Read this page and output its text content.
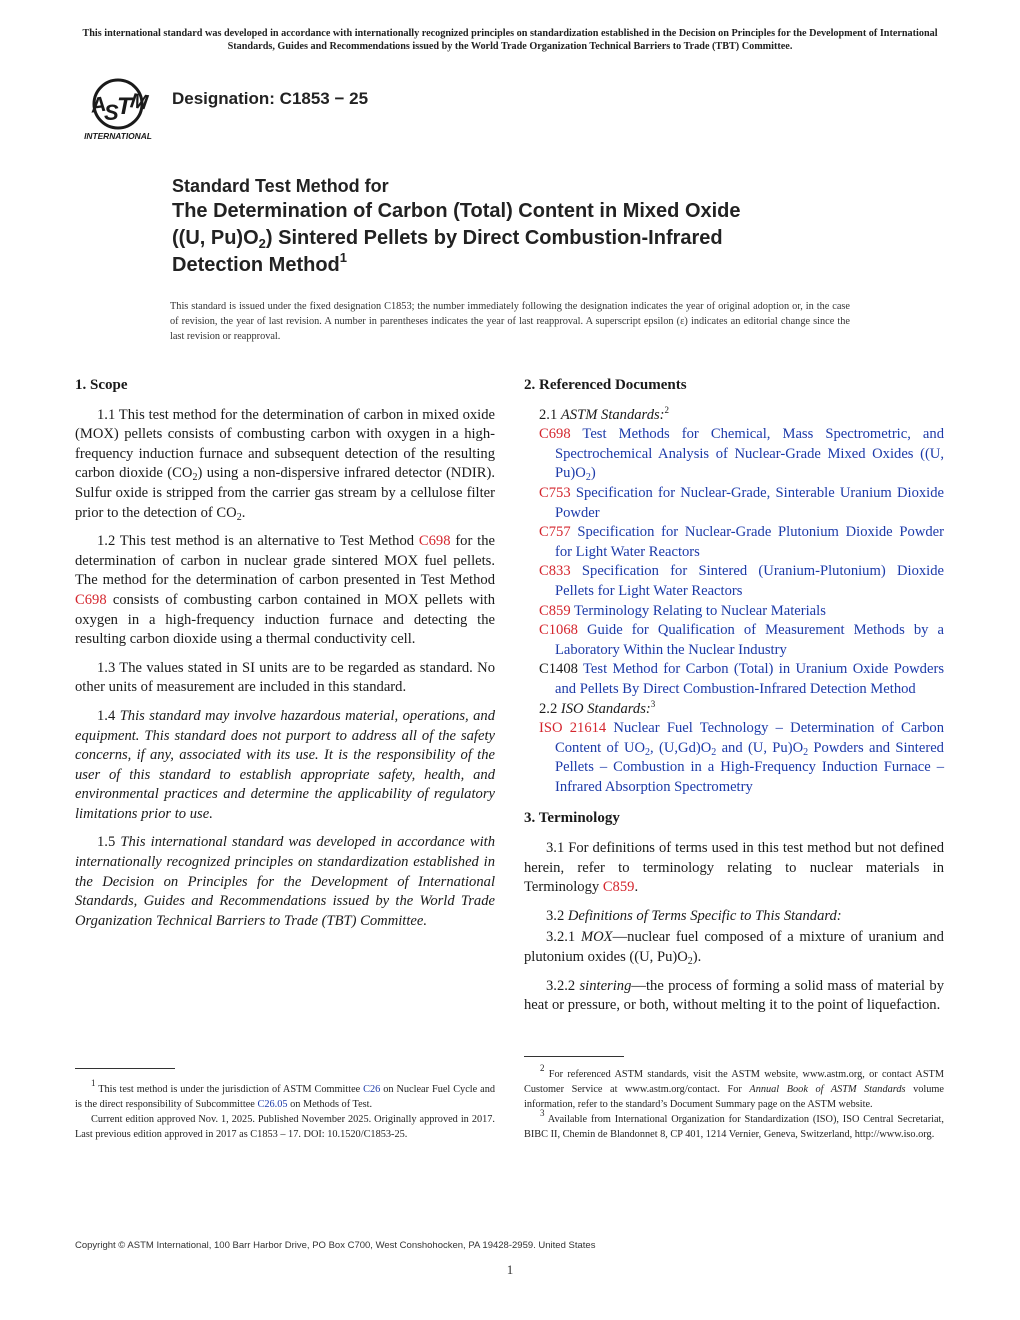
This international standard was developed in accordance with internationally recognized principles on standardization established in the Decision on Principles for the Development of International Standards, Guides and Recommendations issued by the World Trade Organization Technical Barriers to Trade (TBT) Committee.
A
S
T
M
INTERNATIONAL
Designation: C1853 − 25
Standard Test Method for
The Determination of Carbon (Total) Content in Mixed Oxide
((U, $Pu)O_2$) Sintered Pellets by Direct Combustion-Infrared
Detection Method$^1$
This standard is issued under the fixed designation C1853; the number immediately following the designation indicates the year of original adoption or, in the case of revision, the year of last revision. A number in parentheses indicates the year of last reapproval. A superscript epsilon (ε) indicates an editorial change since the last revision or reapproval.
1. Scope

1.1 This test method for the determination of carbon in mixed oxide (MOX) pellets consists of combusting carbon with oxygen in a high-frequency induction furnace and subsequent detection of the resulting carbon dioxide $(CO_2)$ using a non-dispersive infrared detector (NDIR). Sulfur oxide is stripped from the carrier gas stream by a cellulose filter prior to the detection of $CO_2$.

1.2 This test method is an alternative to Test Method C698 for the determination of carbon in nuclear grade sintered MOX fuel pellets. The method for the determination of carbon presented in Test Method C698 consists of combusting carbon contained in MOX pellets with oxygen in a high-frequency induction furnace and detecting the resulting carbon dioxide using a thermal conductivity cell.

1.3 The values stated in SI units are to be regarded as standard. No other units of measurement are included in this standard.

1.4 This standard may involve hazardous material, operations, and equipment. This standard does not purport to address all of the safety concerns, if any, associated with its use. It is the responsibility of the user of this standard to establish appropriate safety, health, and environmental practices and determine the applicability of regulatory limitations prior to use.

1.5 This international standard was developed in accordance with internationally recognized principles on standardization established in the Decision on Principles for the Development of International Standards, Guides and Recommendations issued by the World Trade Organization Technical Barriers to Trade (TBT) Committee.

2. Referenced Documents

2.1 ASTM Standards:$^2$

C698 Test Methods for Chemical, Mass Spectrometric, and Spectrochemical Analysis of Nuclear-Grade Mixed Oxides ((U, $Pu)O_2$)

C753 Specification for Nuclear-Grade, Sinterable Uranium Dioxide Powder

C757 Specification for Nuclear-Grade Plutonium Dioxide Powder for Light Water Reactors

C833 Specification for Sintered (Uranium-Plutonium) Dioxide Pellets for Light Water Reactors

C859 Terminology Relating to Nuclear Materials

C1068 Guide for Qualification of Measurement Methods by a Laboratory Within the Nuclear Industry

C1408 Test Method for Carbon (Total) in Uranium Oxide Powders and Pellets By Direct Combustion-Infrared Detection Method

2.2 ISO Standards:$^3$

ISO 21614 Nuclear Fuel Technology – Determination of Carbon Content of $UO_2$, $(U,Gd)O_2$ and (U, $Pu)O_2$ Powders and Sintered Pellets – Combustion in a High-Frequency Induction Furnace – Infrared Absorption Spectrometry

3. Terminology

3.1 For definitions of terms used in this test method but not defined herein, refer to terminology relating to nuclear materials in Terminology C859.

3.2 Definitions of Terms Specific to This Standard:

3.2.1 MOX—nuclear fuel composed of a mixture of uranium and plutonium oxides ((U, $Pu)O_2$).

3.2.2 sintering—the process of forming a solid mass of material by heat or pressure, or both, without melting it to the point of liquefaction.

$^1$ This test method is under the jurisdiction of ASTM Committee C26 on Nuclear Fuel Cycle and is the direct responsibility of Subcommittee C26.05 on Methods of Test.

Current edition approved Nov. 1, 2025. Published November 2025. Originally approved in 2017. Last previous edition approved in 2017 as C1853 – 17. DOI: 10.1520/C1853-25.

$^2$ For referenced ASTM standards, visit the ASTM website, www.astm.org, or contact ASTM Customer Service at www.astm.org/contact. For Annual Book of ASTM Standards volume information, refer to the standard’s Document Summary page on the ASTM website.

$^3$ Available from International Organization for Standardization (ISO), ISO Central Secretariat, BIBC II, Chemin de Blandonnet 8, CP 401, 1214 Vernier, Geneva, Switzerland, http://www.iso.org.

Copyright © ASTM International, 100 Barr Harbor Drive, PO Box C700, West Conshohocken, PA 19428-2959. United States
1
